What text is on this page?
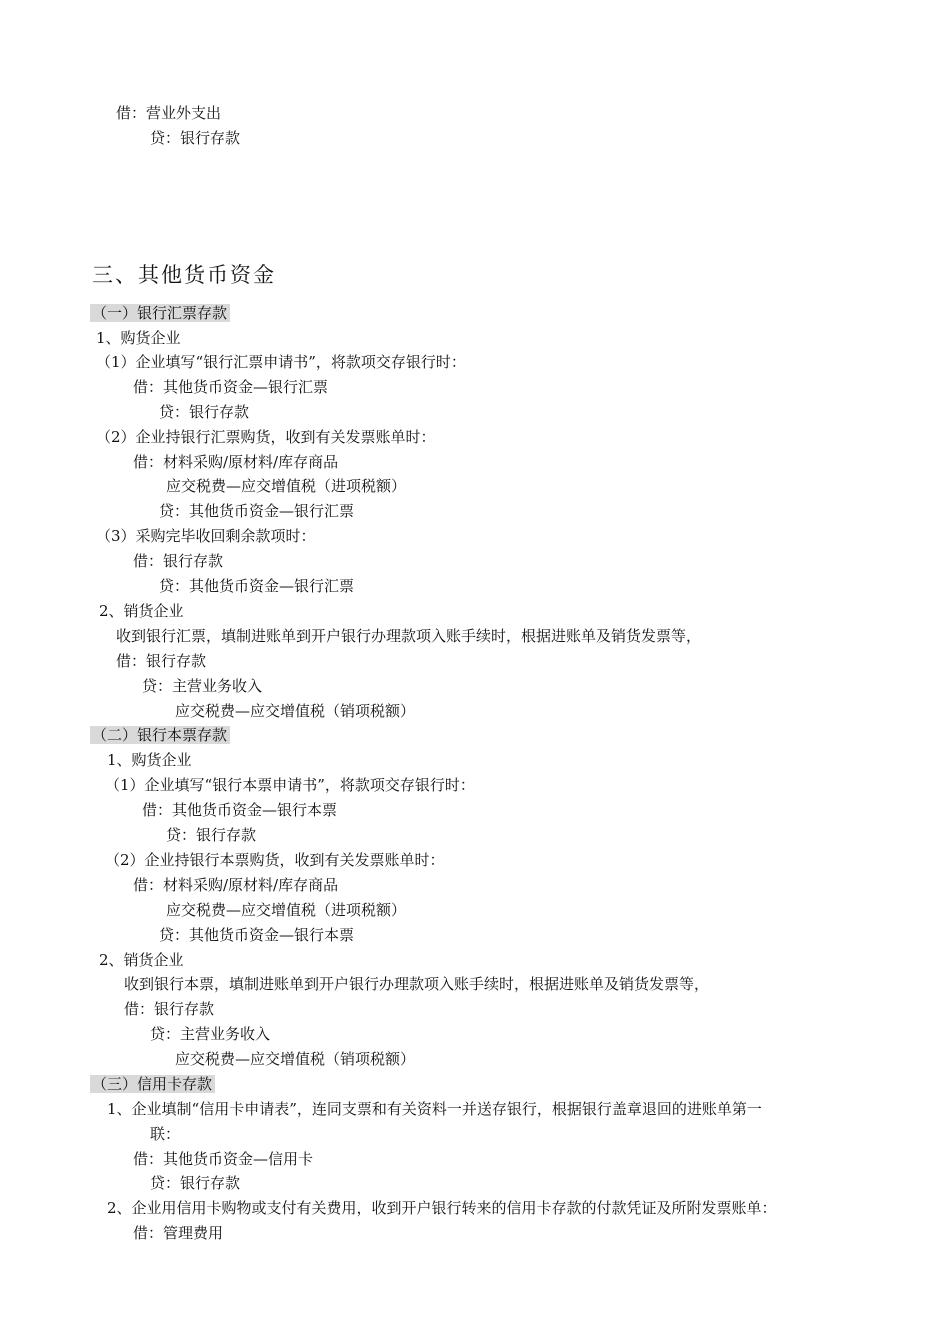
借：营业外支出
贷：银行存款
三、其他货币资金
（一）银行汇票存款
1、购货企业
（1）企业填写“银行汇票申请书”，将款项交存银行时：
借：其他货币资金—银行汇票
贷：银行存款
（2）企业持银行汇票购货，收到有关发票账单时：
借：材料采购/原材料/库存商品
应交税费—应交增值税（进项税额）
贷：其他货币资金—银行汇票
（3）采购完毕收回剩余款项时：
借：银行存款
贷：其他货币资金—银行汇票
2、销货企业
收到银行汇票，填制进账单到开户银行办理款项入账手续时，根据进账单及销货发票等，
借：银行存款
贷：主营业务收入
应交税费—应交增值税（销项税额）
（二）银行本票存款
1、购货企业
（1）企业填写“银行本票申请书”，将款项交存银行时：
借：其他货币资金—银行本票
贷：银行存款
（2）企业持银行本票购货，收到有关发票账单时：
借：材料采购/原材料/库存商品
应交税费—应交增值税（进项税额）
贷：其他货币资金—银行本票
2、销货企业
收到银行本票，填制进账单到开户银行办理款项入账手续时，根据进账单及销货发票等，
借：银行存款
贷：主营业务收入
应交税费—应交增值税（销项税额）
（三）信用卡存款
1、企业填制“信用卡申请表”，连同支票和有关资料一并送存银行，根据银行盖章退回的进账单第一
联：
借：其他货币资金—信用卡
贷：银行存款
2、企业用信用卡购物或支付有关费用，收到开户银行转来的信用卡存款的付款凭证及所附发票账单：
借：管理费用
